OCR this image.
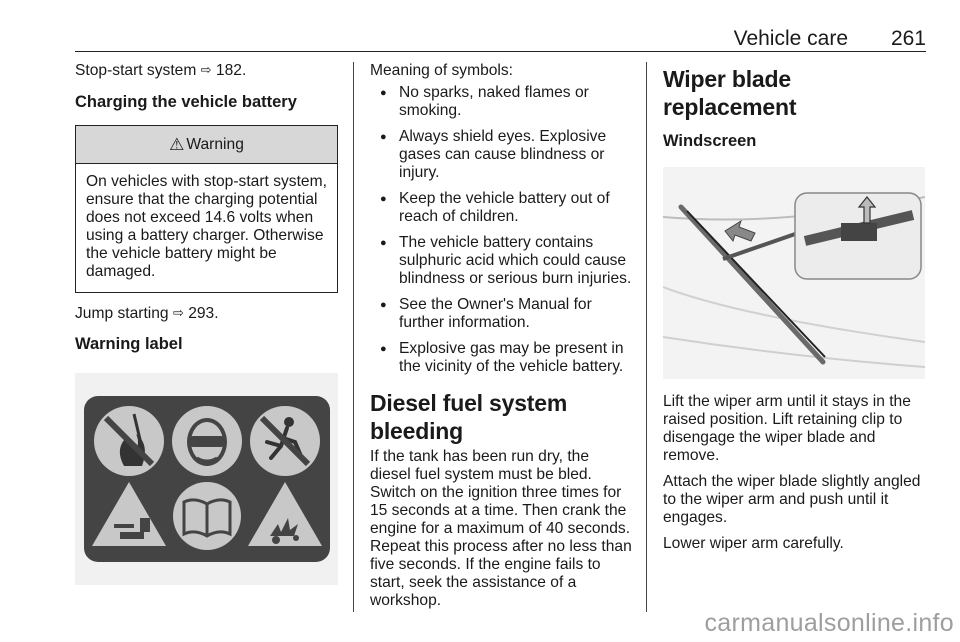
Vehicle care 261

Stop-start system ⇨ 182.

Charging the vehicle battery
⚠ Warning

On vehicles with stop-start system, ensure that the charging potential does not exceed 14.6 volts when using a battery charger. Otherwise the vehicle battery might be damaged.

Jump starting ⇨ 293.

Warning label

Meaning of symbols:

● No sparks, naked flames or smoking.
● Always shield eyes. Explosive gases can cause blindness or injury.
● Keep the vehicle battery out of reach of children.
● The vehicle battery contains sulphuric acid which could cause blindness or serious burn injuries.
● See the Owner's Manual for further information.
● Explosive gas may be present in the vicinity of the vehicle battery.
Diesel fuel system bleeding

If the tank has been run dry, the diesel fuel system must be bled. Switch on the ignition three times for 15 seconds at a time. Then crank the engine for a maximum of 40 seconds. Repeat this process after no less than five seconds. If the engine fails to start, seek the assistance of a workshop.

Wiper blade replacement
Windscreen

Lift the wiper arm until it stays in the raised position. Lift retaining clip to disengage the wiper blade and remove.

Attach the wiper blade slightly angled to the wiper arm and push until it engages.

Lower wiper arm carefully.

carmanualsonline.info
